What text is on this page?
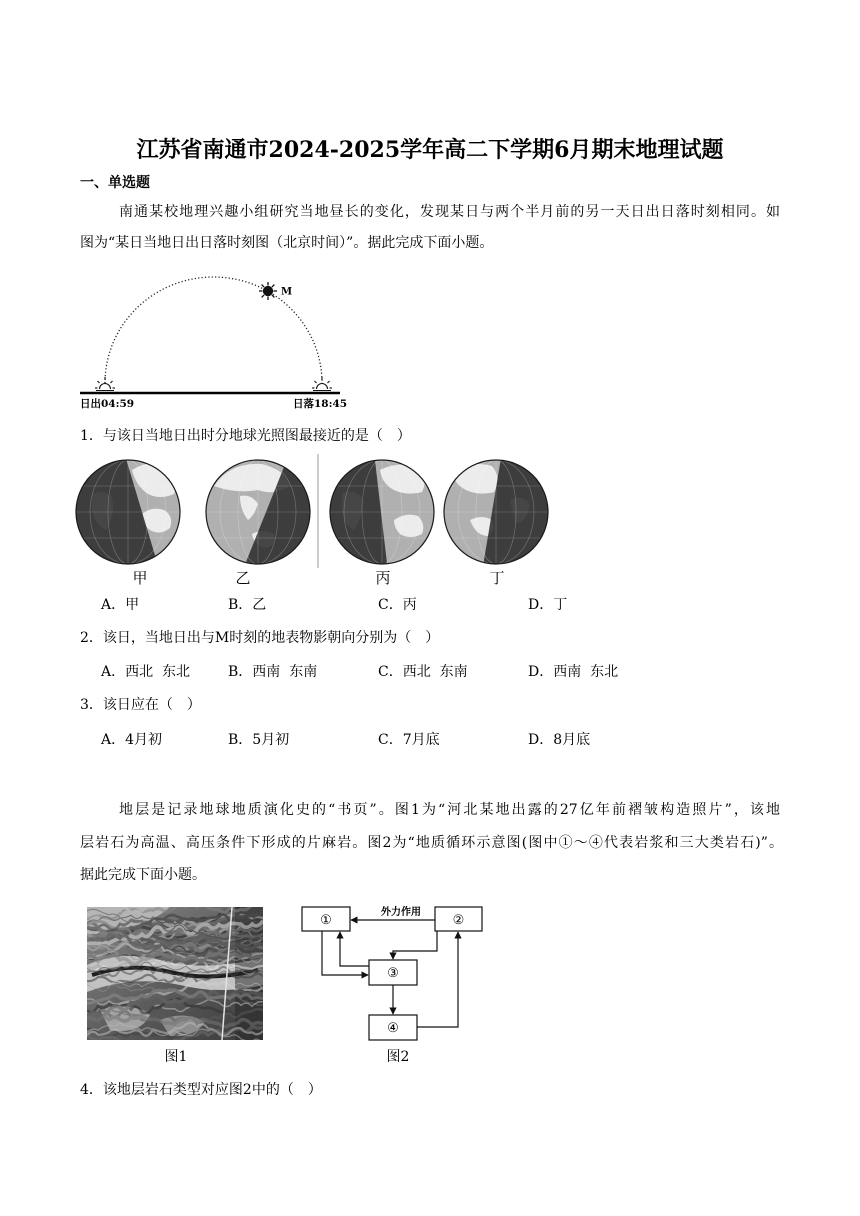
江苏省南通市2024-2025学年高二下学期6月期末地理试题
一、单选题
南通某校地理兴趣小组研究当地昼长的变化，发现某日与两个半月前的另一天日出日落时刻相同。如
图为“某日当地日出日落时刻图（北京时间）”。据此完成下面小题。
M
日出04:59	日落18:45
1．与该日当地日出时分地球光照图最接近的是（　）
甲	乙	丙	丁
A．甲	B．乙	C．丙	D．丁
2．该日，当地日出与M时刻的地表物影朝向分别为（　）
A．西北  东北	B．西南  东南	C．西北  东南	D．西南  东北
3．该日应在（　）
A．4月初	B．5月初	C．7月底	D．8月底
地层是记录地球地质演化史的“书页”。图1为“河北某地出露的27亿年前褶皱构造照片”，该地
层岩石为高温、高压条件下形成的片麻岩。图2为“地质循环示意图(图中①～④代表岩浆和三大类岩石)”。
据此完成下面小题。
图1
①	②
③
④
外力作用
图2
4．该地层岩石类型对应图2中的（　）
